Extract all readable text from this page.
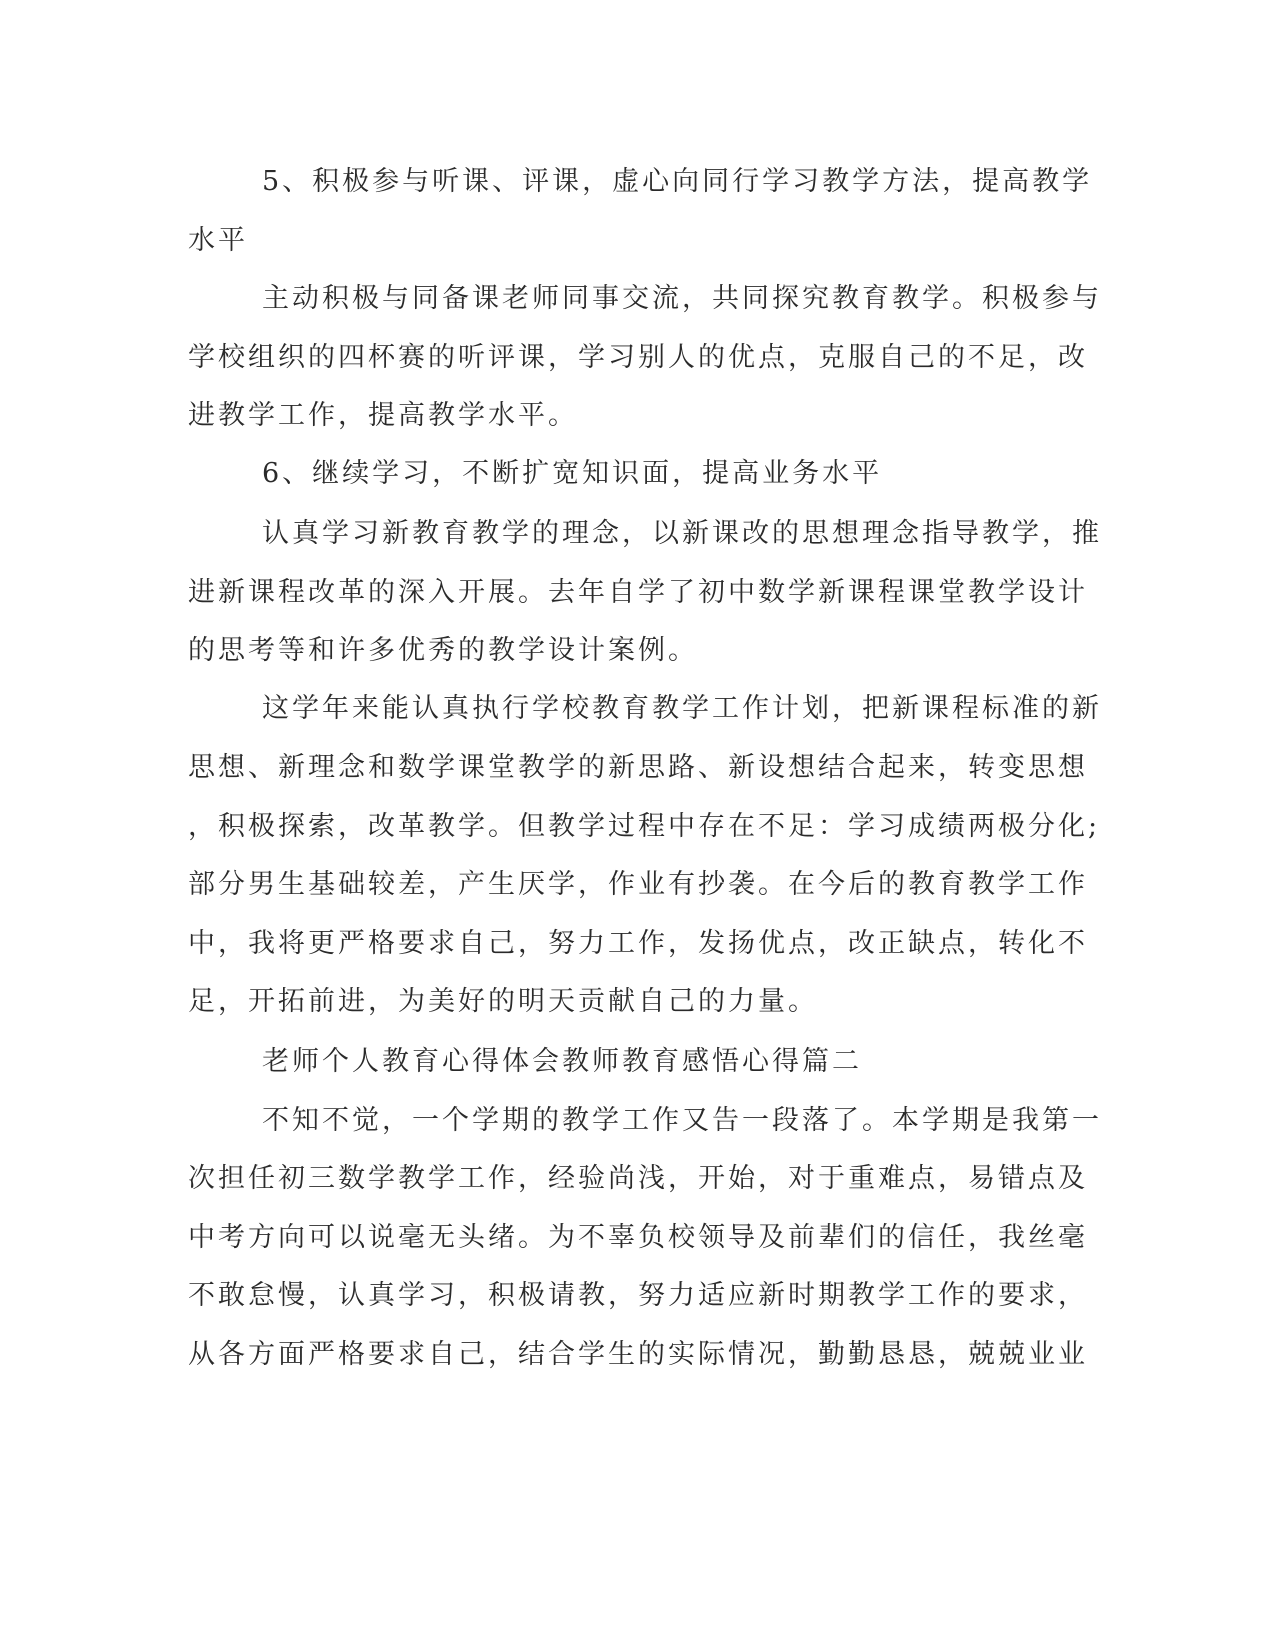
5、积极参与听课、评课，虚心向同行学习教学方法，提高教学
水平
主动积极与同备课老师同事交流，共同探究教育教学。积极参与
学校组织的四杯赛的听评课，学习别人的优点，克服自己的不足，改
进教学工作，提高教学水平。
6、继续学习，不断扩宽知识面，提高业务水平
认真学习新教育教学的理念，以新课改的思想理念指导教学，推
进新课程改革的深入开展。去年自学了初中数学新课程课堂教学设计
的思考等和许多优秀的教学设计案例。
这学年来能认真执行学校教育教学工作计划，把新课程标准的新
思想、新理念和数学课堂教学的新思路、新设想结合起来，转变思想
，积极探索，改革教学。但教学过程中存在不足：学习成绩两极分化;
部分男生基础较差，产生厌学，作业有抄袭。在今后的教育教学工作
中，我将更严格要求自己，努力工作，发扬优点，改正缺点，转化不
足，开拓前进，为美好的明天贡献自己的力量。
老师个人教育心得体会教师教育感悟心得篇二
不知不觉，一个学期的教学工作又告一段落了。本学期是我第一
次担任初三数学教学工作，经验尚浅，开始，对于重难点，易错点及
中考方向可以说毫无头绪。为不辜负校领导及前辈们的信任，我丝毫
不敢怠慢，认真学习，积极请教，努力适应新时期教学工作的要求，
从各方面严格要求自己，结合学生的实际情况，勤勤恳恳，兢兢业业
